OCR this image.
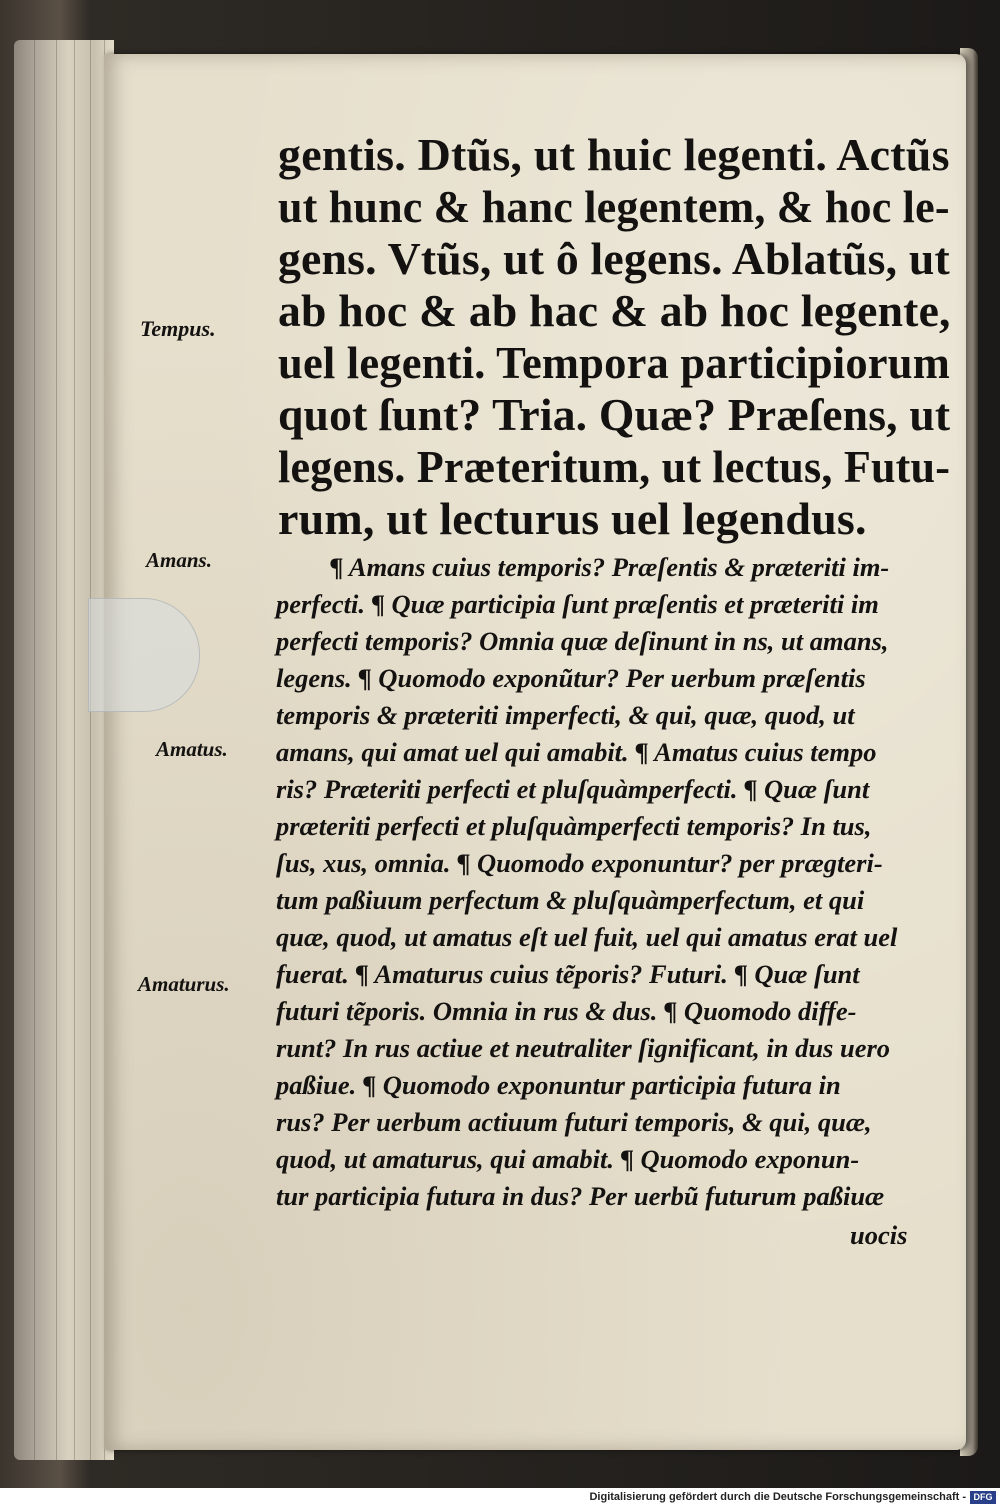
gentis. Dtũs, ut huic legenti. Actũs

ut hunc & hanc legentem, & hoc le-

gens. Vtũs, ut ô legens. Ablatũs, ut

ab hoc & ab hac & ab hoc legente,

uel legenti. Tempora participiorum

quot ſunt? Tria. Quæ? Præſens, ut

legens. Præteritum, ut lectus, Futu-

rum, ut lecturus uel legendus.

Tempus.

Amans.

Amatus.

Amaturus.

¶ Amans cuius temporis? Præſentis & præteriti im-

perfecti. ¶ Quæ participia ſunt præſentis et præteriti im

perfecti temporis? Omnia quæ deſinunt in ns, ut amans,

legens. ¶ Quomodo exponũtur? Per uerbum præſentis

temporis & præteriti imperfecti, & qui, quæ, quod, ut

amans, qui amat uel qui amabit. ¶ Amatus cuius tempo

ris? Præteriti perfecti et pluſquàmperfecti. ¶ Quæ ſunt

præteriti perfecti et pluſquàmperfecti temporis? In tus,

ſus, xus, omnia. ¶ Quomodo exponuntur? per prægteri-

tum paßiuum perfectum & pluſquàmperfectum, et qui

quæ, quod, ut amatus eſt uel fuit, uel qui amatus erat uel

fuerat. ¶ Amaturus cuius tẽporis? Futuri. ¶ Quæ ſunt

futuri tẽporis. Omnia in rus & dus. ¶ Quomodo diffe-

runt? In rus actiue et neutraliter ſignificant, in dus uero

paßiue. ¶ Quomodo exponuntur participia futura in

rus? Per uerbum actiuum futuri temporis, & qui, quæ,

quod, ut amaturus, qui amabit. ¶ Quomodo exponun-

tur participia futura in dus? Per uerbũ futurum paßiuæ

uocis

Digitalisierung gefördert durch die Deutsche Forschungsgemeinschaft - DFG
